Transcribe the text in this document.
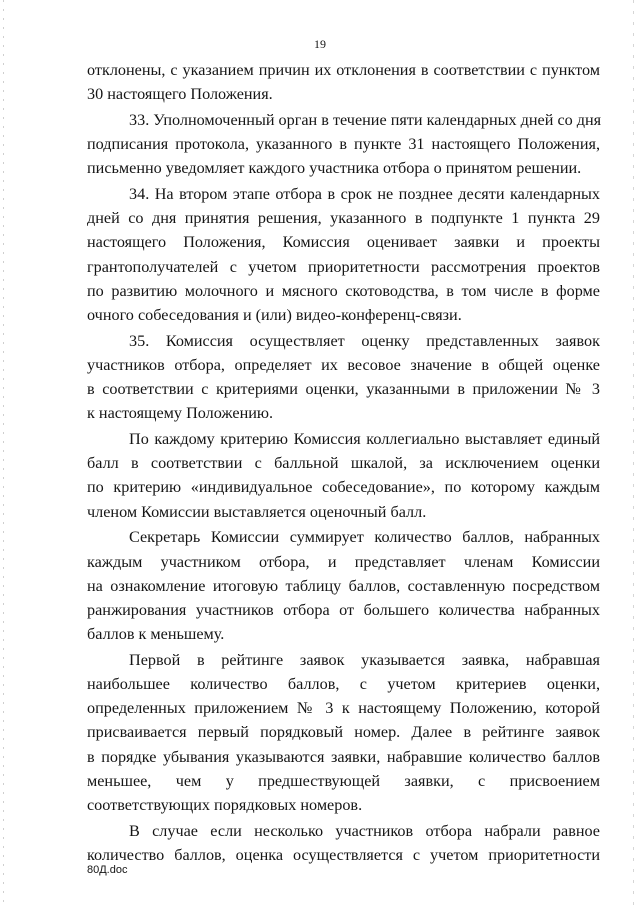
19
отклонены, с указанием причин их отклонения в соответствии с пунктом
30 настоящего Положения.
33. Уполномоченный орган в течение пяти календарных дней со дня
подписания протокола, указанного в пункте 31 настоящего Положения,
письменно уведомляет каждого участника отбора о принятом решении.
34. На втором этапе отбора в срок не позднее десяти календарных
дней со дня принятия решения, указанного в подпункте 1 пункта 29
настоящего Положения, Комиссия оценивает заявки и проекты
грантополучателей с учетом приоритетности рассмотрения проектов
по развитию молочного и мясного скотоводства, в том числе в форме
очного собеседования и (или) видео-конференц-связи.
35. Комиссия осуществляет оценку представленных заявок
участников отбора, определяет их весовое значение в общей оценке
в соответствии с критериями оценки, указанными в приложении № 3
к настоящему Положению.
По каждому критерию Комиссия коллегиально выставляет единый
балл в соответствии с балльной шкалой, за исключением оценки
по критерию «индивидуальное собеседование», по которому каждым
членом Комиссии выставляется оценочный балл.
Секретарь Комиссии суммирует количество баллов, набранных
каждым участником отбора, и представляет членам Комиссии
на ознакомление итоговую таблицу баллов, составленную посредством
ранжирования участников отбора от большего количества набранных
баллов к меньшему.
Первой в рейтинге заявок указывается заявка, набравшая
наибольшее количество баллов, с учетом критериев оценки,
определенных приложением № 3 к настоящему Положению, которой
присваивается первый порядковый номер. Далее в рейтинге заявок
в порядке убывания указываются заявки, набравшие количество баллов
меньшее, чем у предшествующей заявки, с присвоением
соответствующих порядковых номеров.
В случае если несколько участников отбора набрали равное
количество баллов, оценка осуществляется с учетом приоритетности
80Д.doc
